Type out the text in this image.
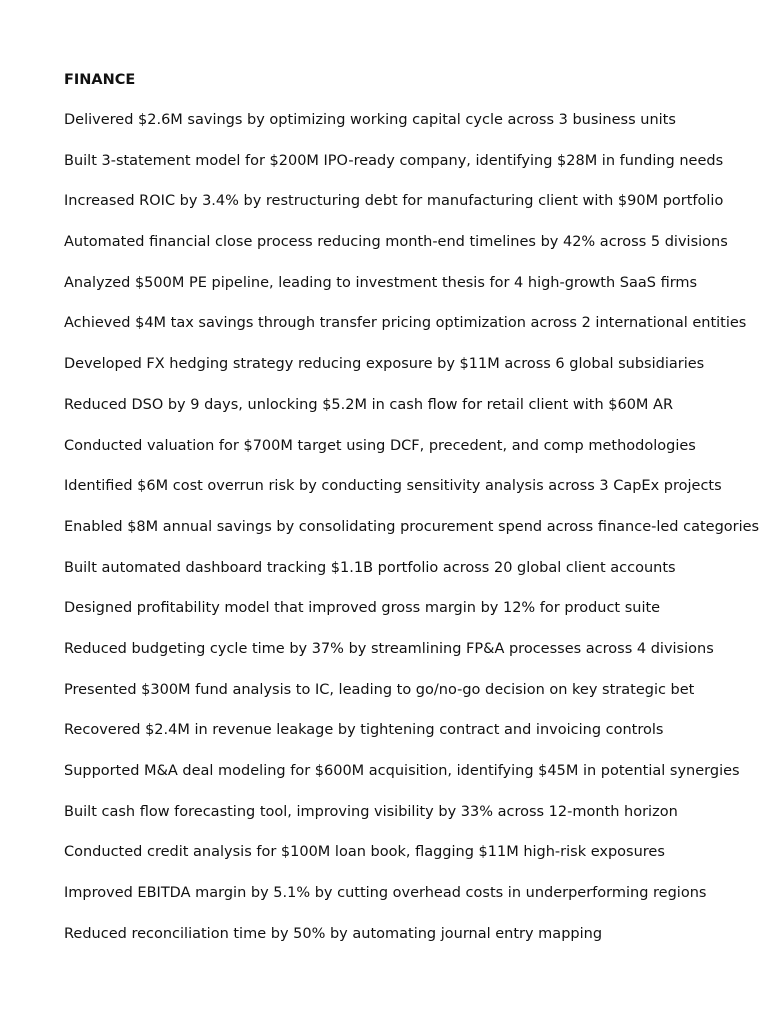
FINANCE
Delivered $2.6M savings by optimizing working capital cycle across 3 business units
Built 3-statement model for $200M IPO-ready company, identifying $28M in funding needs
Increased ROIC by 3.4% by restructuring debt for manufacturing client with $90M portfolio
Automated financial close process reducing month-end timelines by 42% across 5 divisions
Analyzed $500M PE pipeline, leading to investment thesis for 4 high-growth SaaS firms
Achieved $4M tax savings through transfer pricing optimization across 2 international entities
Developed FX hedging strategy reducing exposure by $11M across 6 global subsidiaries
Reduced DSO by 9 days, unlocking $5.2M in cash flow for retail client with $60M AR
Conducted valuation for $700M target using DCF, precedent, and comp methodologies
Identified $6M cost overrun risk by conducting sensitivity analysis across 3 CapEx projects
Enabled $8M annual savings by consolidating procurement spend across finance-led categories
Built automated dashboard tracking $1.1B portfolio across 20 global client accounts
Designed profitability model that improved gross margin by 12% for product suite
Reduced budgeting cycle time by 37% by streamlining FP&A processes across 4 divisions
Presented $300M fund analysis to IC, leading to go/no-go decision on key strategic bet
Recovered $2.4M in revenue leakage by tightening contract and invoicing controls
Supported M&A deal modeling for $600M acquisition, identifying $45M in potential synergies
Built cash flow forecasting tool, improving visibility by 33% across 12-month horizon
Conducted credit analysis for $100M loan book, flagging $11M high-risk exposures
Improved EBITDA margin by 5.1% by cutting overhead costs in underperforming regions
Reduced reconciliation time by 50% by automating journal entry mapping
